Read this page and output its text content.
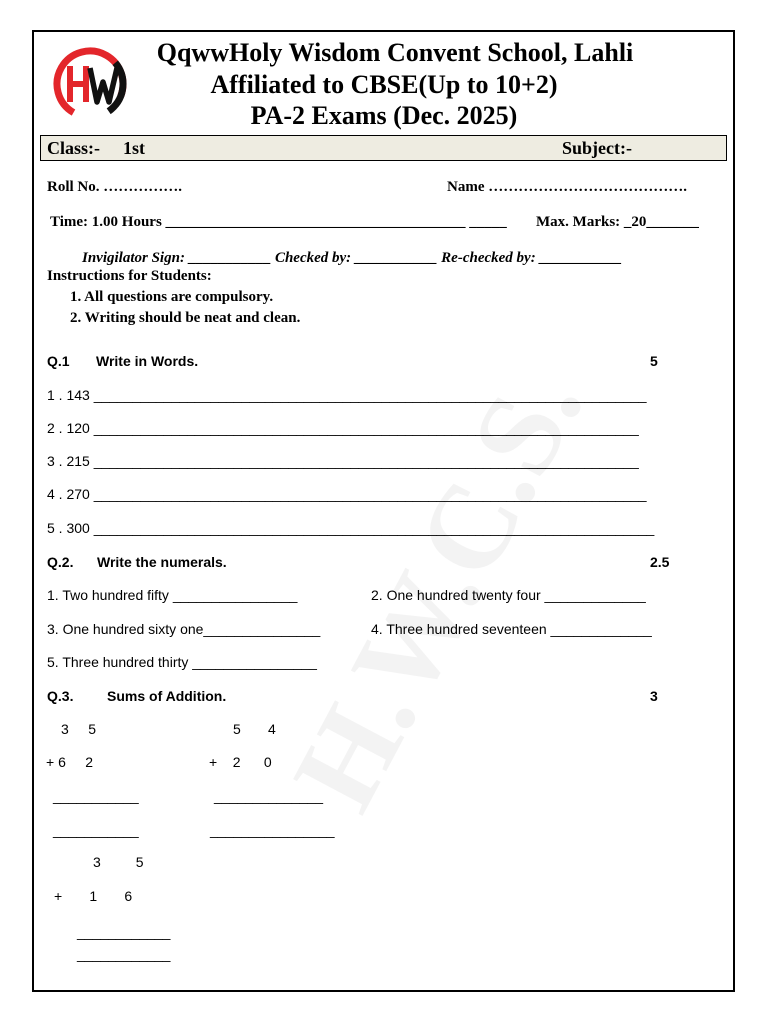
QqwwHoly Wisdom Convent School, Lahli
Affiliated to CBSE(Up to 10+2)
PA-2 Exams (Dec. 2025)
Class:- 1st	Subject:-
Roll No. …………….	Name ………………………………….
Time: 1.00 Hours ________________________________________ _____ Max. Marks: _20_______
Invigilator Sign: ___________ Checked by: ___________ Re-checked by: ___________
Instructions for Students:
1. All questions are compulsory.
2. Writing should be neat and clean.
Q.1 Write in Words.	5
1 . 143 _______________________________________________________________________
2 . 120 ______________________________________________________________________
3 . 215 ______________________________________________________________________
4 . 270 _______________________________________________________________________
5 . 300 ________________________________________________________________________
Q.2. Write the numerals.	2.5
1. Two hundred fifty ________________	2. One hundred twenty four _____________
3. One hundred sixty one_______________	4. Three hundred seventeen _____________
5. Three hundred thirty ________________
Q.3. Sums of Addition.	3
3     5
+ 6     2
___________
___________
5       4
+    2      0
______________
________________
3         5
+       1       6
____________
____________
